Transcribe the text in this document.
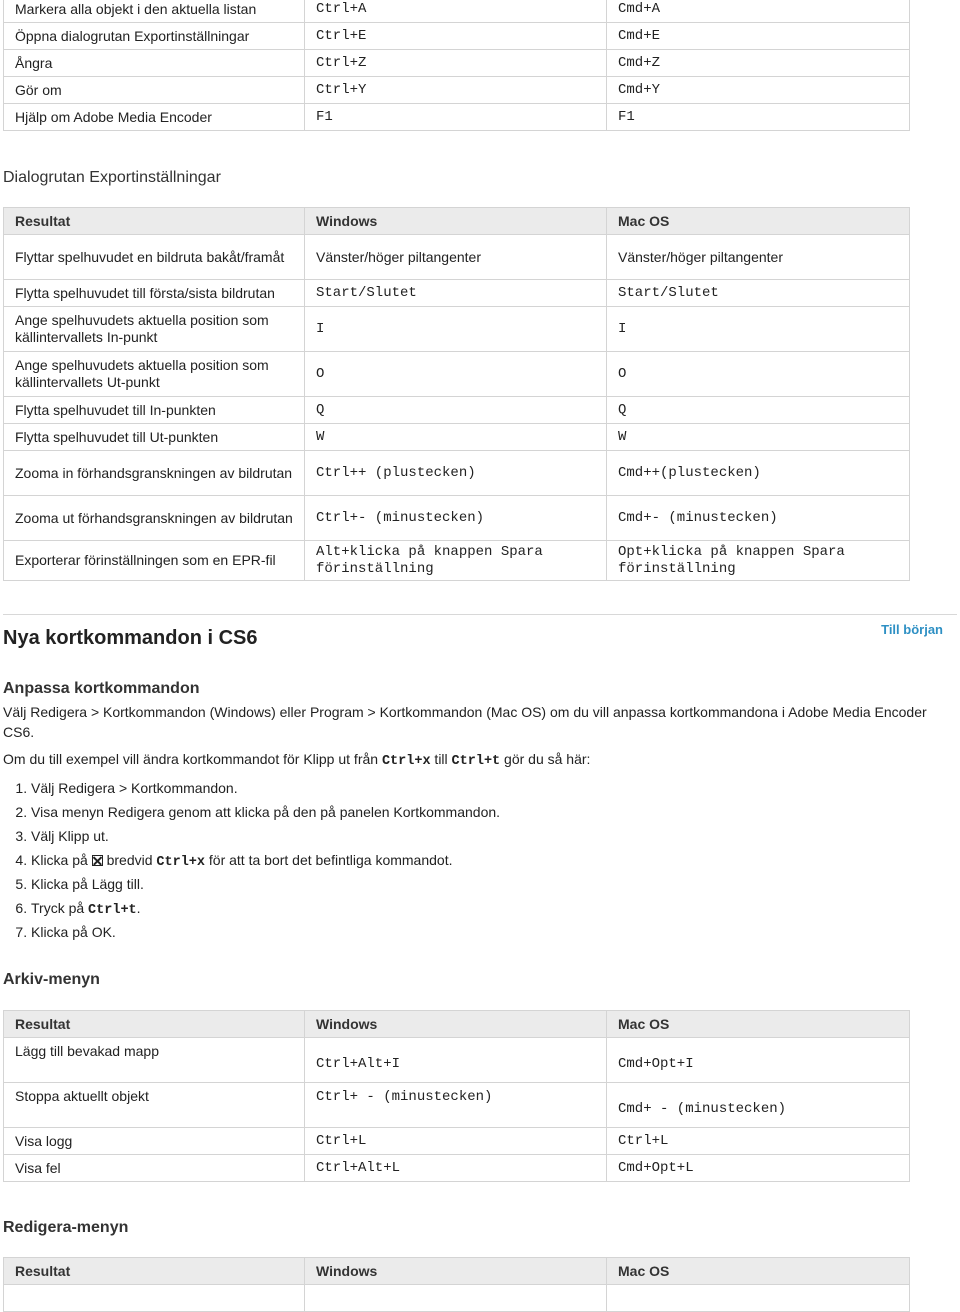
Markera alla objekt i den aktuella listan	Ctrl+A	Cmd+A
Öppna dialogrutan Exportinställningar	Ctrl+E	Cmd+E
Ångra	Ctrl+Z	Cmd+Z
Gör om	Ctrl+Y	Cmd+Y
Hjälp om Adobe Media Encoder	F1	F1
Dialogrutan Exportinställningar
Resultat	Windows	Mac OS
Flyttar spelhuvudet en bildruta bakåt/framåt	Vänster/höger piltangenter	Vänster/höger piltangenter
Flytta spelhuvudet till första/sista bildrutan	Start/Slutet	Start/Slutet
Ange spelhuvudets aktuella position som källintervallets In-punkt	I	I
Ange spelhuvudets aktuella position som källintervallets Ut-punkt	O	O
Flytta spelhuvudet till In-punkten	Q	Q
Flytta spelhuvudet till Ut-punkten	W	W
Zooma in förhandsgranskningen av bildrutan	Ctrl++ (plustecken)	Cmd++(plustecken)
Zooma ut förhandsgranskningen av bildrutan	Ctrl+- (minustecken)	Cmd+- (minustecken)
Exporterar förinställningen som en EPR-fil	Alt+klicka på knappen Spara förinställning	Opt+klicka på knappen Spara förinställning
Nya kortkommandon i CS6	Till början
Anpassa kortkommandon
Välj Redigera > Kortkommandon (Windows) eller Program > Kortkommandon (Mac OS) om du vill anpassa kortkommandona i Adobe Media Encoder CS6.
Om du till exempel vill ändra kortkommandot för Klipp ut från Ctrl+x till Ctrl+t gör du så här:
1. Välj Redigera > Kortkommandon.
2. Visa menyn Redigera genom att klicka på den på panelen Kortkommandon.
3. Välj Klipp ut.
4. Klicka på  bredvid Ctrl+x för att ta bort det befintliga kommandot.
5. Klicka på Lägg till.
6. Tryck på Ctrl+t.
7. Klicka på OK.
Arkiv-menyn
Resultat	Windows	Mac OS
Lägg till bevakad mapp	Ctrl+Alt+I	Cmd+Opt+I
Stoppa aktuellt objekt	Ctrl+ - (minustecken)	Cmd+ - (minustecken)
Visa logg	Ctrl+L	Ctrl+L
Visa fel	Ctrl+Alt+L	Cmd+Opt+L
Redigera-menyn
Resultat	Windows	Mac OS
